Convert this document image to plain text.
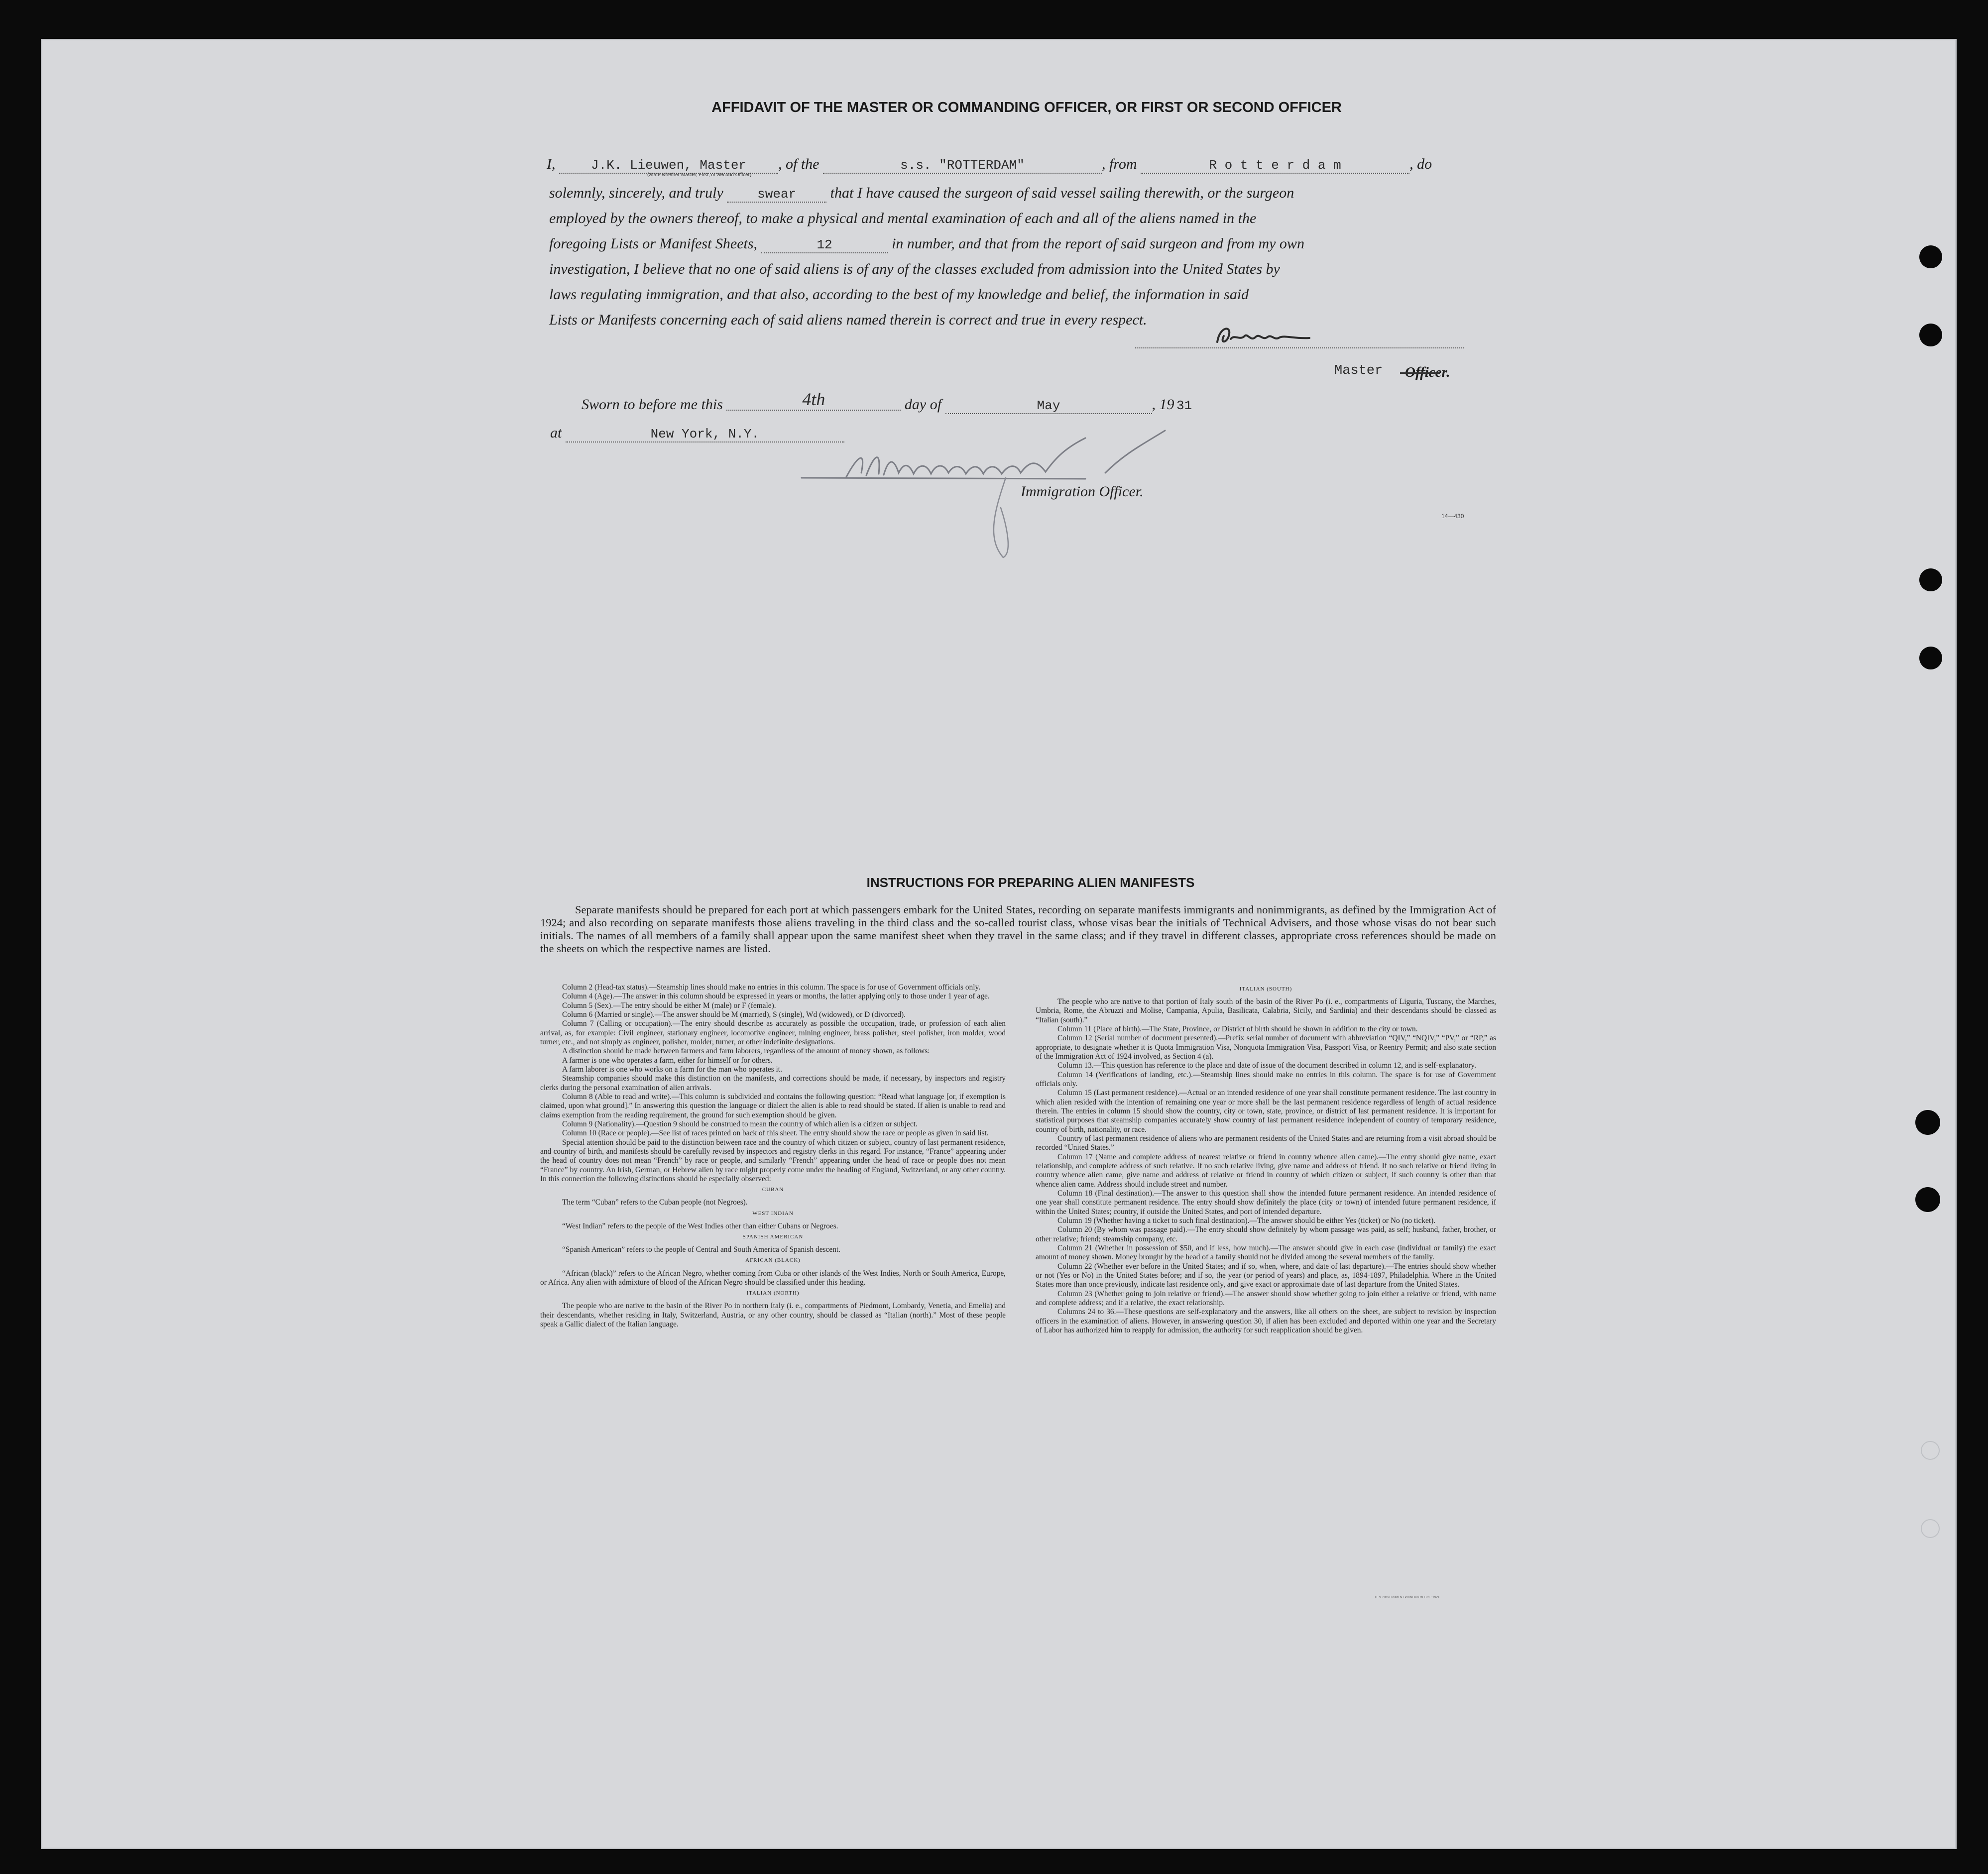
AFFIDAVIT OF THE MASTER OR COMMANDING OFFICER, OR FIRST OR SECOND OFFICER
I,	J.K. Lieuwen, Master , of the	s.s. "ROTTERDAM"	, from	R o t t e r d a m	, do
(State whether Master, First, or Second Officer)
solemnly, sincerely, and truly	swear that I have caused the surgeon of said vessel sailing therewith, or the surgeon
employed by the owners thereof, to make a physical and mental examination of each and all of the aliens named in the
foregoing Lists or Manifest Sheets,	12	in number, and that from the report of said surgeon and from my own
investigation, I believe that no one of said aliens is of any of the classes excluded from admission into the United States by
laws regulating immigration, and that also, according to the best of my knowledge and belief, the information in said
Lists or Manifests concerning each of said aliens named therein is correct and true in every respect.
Master Officer.
Sworn to before me this	4th	day of	May	, 19 31
at	New York, N.Y.
Immigration Officer.
14—430
INSTRUCTIONS FOR PREPARING ALIEN MANIFESTS
Separate manifests should be prepared for each port at which passengers embark for the United States, recording on separate manifests immigrants and nonimmigrants, as defined by the Immigration Act of 1924; and also recording on separate manifests those aliens traveling in the third class and the so-called tourist class, whose visas bear the initials of Technical Advisers, and those whose visas do not bear such initials. The names of all members of a family shall appear upon the same manifest sheet when they travel in the same class; and if they travel in different classes, appropriate cross references should be made on the sheets on which the respective names are listed.

Column 2 (Head-tax status).—Steamship lines should make no entries in this column. The space is for use of Government officials only.

Column 4 (Age).—The answer in this column should be expressed in years or months, the latter applying only to those under 1 year of age.

Column 5 (Sex).—The entry should be either M (male) or F (female).

Column 6 (Married or single).—The answer should be M (married), S (single), Wd (widowed), or D (divorced).

Column 7 (Calling or occupation).—The entry should describe as accurately as possible the occupation, trade, or profession of each alien arrival, as, for example: Civil engineer, stationary engineer, locomotive engineer, mining engineer, brass polisher, steel polisher, iron molder, wood turner, etc., and not simply as engineer, polisher, molder, turner, or other indefinite designations.

A distinction should be made between farmers and farm laborers, regardless of the amount of money shown, as follows:

A farmer is one who operates a farm, either for himself or for others.

A farm laborer is one who works on a farm for the man who operates it.

Steamship companies should make this distinction on the manifests, and corrections should be made, if necessary, by inspectors and registry clerks during the personal examination of alien arrivals.

Column 8 (Able to read and write).—This column is subdivided and contains the following question: “Read what language [or, if exemption is claimed, upon what ground].” In answering this question the language or dialect the alien is able to read should be stated. If alien is unable to read and claims exemption from the reading requirement, the ground for such exemption should be given.

Column 9 (Nationality).—Question 9 should be construed to mean the country of which alien is a citizen or subject.

Column 10 (Race or people).—See list of races printed on back of this sheet. The entry should show the race or people as given in said list.

Special attention should be paid to the distinction between race and the country of which citizen or subject, country of last permanent residence, and country of birth, and manifests should be carefully revised by inspectors and registry clerks in this regard. For instance, “France” appearing under the head of country does not mean “French” by race or people, and similarly “French” appearing under the head of race or people does not mean “France” by country. An Irish, German, or Hebrew alien by race might properly come under the heading of England, Switzerland, or any other country. In this connection the following distinctions should be especially observed:

CUBAN

The term “Cuban” refers to the Cuban people (not Negroes).

WEST INDIAN

“West Indian” refers to the people of the West Indies other than either Cubans or Negroes.

SPANISH AMERICAN

“Spanish American” refers to the people of Central and South America of Spanish descent.

AFRICAN (BLACK)

“African (black)” refers to the African Negro, whether coming from Cuba or other islands of the West Indies, North or South America, Europe, or Africa. Any alien with admixture of blood of the African Negro should be classified under this heading.

ITALIAN (NORTH)

The people who are native to the basin of the River Po in northern Italy (i. e., compartments of Piedmont, Lombardy, Venetia, and Emelia) and their descendants, whether residing in Italy, Switzerland, Austria, or any other country, should be classed as “Italian (north).” Most of these people speak a Gallic dialect of the Italian language.

ITALIAN (SOUTH)

The people who are native to that portion of Italy south of the basin of the River Po (i. e., compartments of Liguria, Tuscany, the Marches, Umbria, Rome, the Abruzzi and Molise, Campania, Apulia, Basilicata, Calabria, Sicily, and Sardinia) and their descendants should be classed as “Italian (south).”

Column 11 (Place of birth).—The State, Province, or District of birth should be shown in addition to the city or town.

Column 12 (Serial number of document presented).—Prefix serial number of document with abbreviation “QIV,” “NQIV,” “PV,” or “RP,” as appropriate, to designate whether it is Quota Immigration Visa, Nonquota Immigration Visa, Passport Visa, or Reentry Permit; and also state section of the Immigration Act of 1924 involved, as Section 4 (a).

Column 13.—This question has reference to the place and date of issue of the document described in column 12, and is self-explanatory.

Column 14 (Verifications of landing, etc.).—Steamship lines should make no entries in this column. The space is for use of Government officials only.

Column 15 (Last permanent residence).—Actual or an intended residence of one year shall constitute permanent residence. The last country in which alien resided with the intention of remaining one year or more shall be the last permanent residence regardless of length of actual residence therein. The entries in column 15 should show the country, city or town, state, province, or district of last permanent residence. It is important for statistical purposes that steamship companies accurately show country of last permanent residence independent of country of temporary residence, country of birth, nationality, or race.

Country of last permanent residence of aliens who are permanent residents of the United States and are returning from a visit abroad should be recorded “United States.”

Column 17 (Name and complete address of nearest relative or friend in country whence alien came).—The entry should give name, exact relationship, and complete address of such relative. If no such relative living, give name and address of friend. If no such relative or friend living in country whence alien came, give name and address of relative or friend in country of which citizen or subject, if such country is other than that whence alien came. Address should include street and number.

Column 18 (Final destination).—The answer to this question shall show the intended future permanent residence. An intended residence of one year shall constitute permanent residence. The entry should show definitely the place (city or town) of intended future permanent residence, if within the United States; country, if outside the United States, and port of intended departure.

Column 19 (Whether having a ticket to such final destination).—The answer should be either Yes (ticket) or No (no ticket).

Column 20 (By whom was passage paid).—The entry should show definitely by whom passage was paid, as self; husband, father, brother, or other relative; friend; steamship company, etc.

Column 21 (Whether in possession of $50, and if less, how much).—The answer should give in each case (individual or family) the exact amount of money shown. Money brought by the head of a family should not be divided among the several members of the family.

Column 22 (Whether ever before in the United States; and if so, when, where, and date of last departure).—The entries should show whether or not (Yes or No) in the United States before; and if so, the year (or period of years) and place, as, 1894-1897, Philadelphia. Where in the United States more than once previously, indicate last residence only, and give exact or approximate date of last departure from the United States.

Column 23 (Whether going to join relative or friend).—The answer should show whether going to join either a relative or friend, with name and complete address; and if a relative, the exact relationship.

Columns 24 to 36.—These questions are self-explanatory and the answers, like all others on the sheet, are subject to revision by inspection officers in the examination of aliens. However, in answering question 30, if alien has been excluded and deported within one year and the Secretary of Labor has authorized him to reapply for admission, the authority for such reapplication should be given.

U. S. GOVERNMENT PRINTING OFFICE: 1929
